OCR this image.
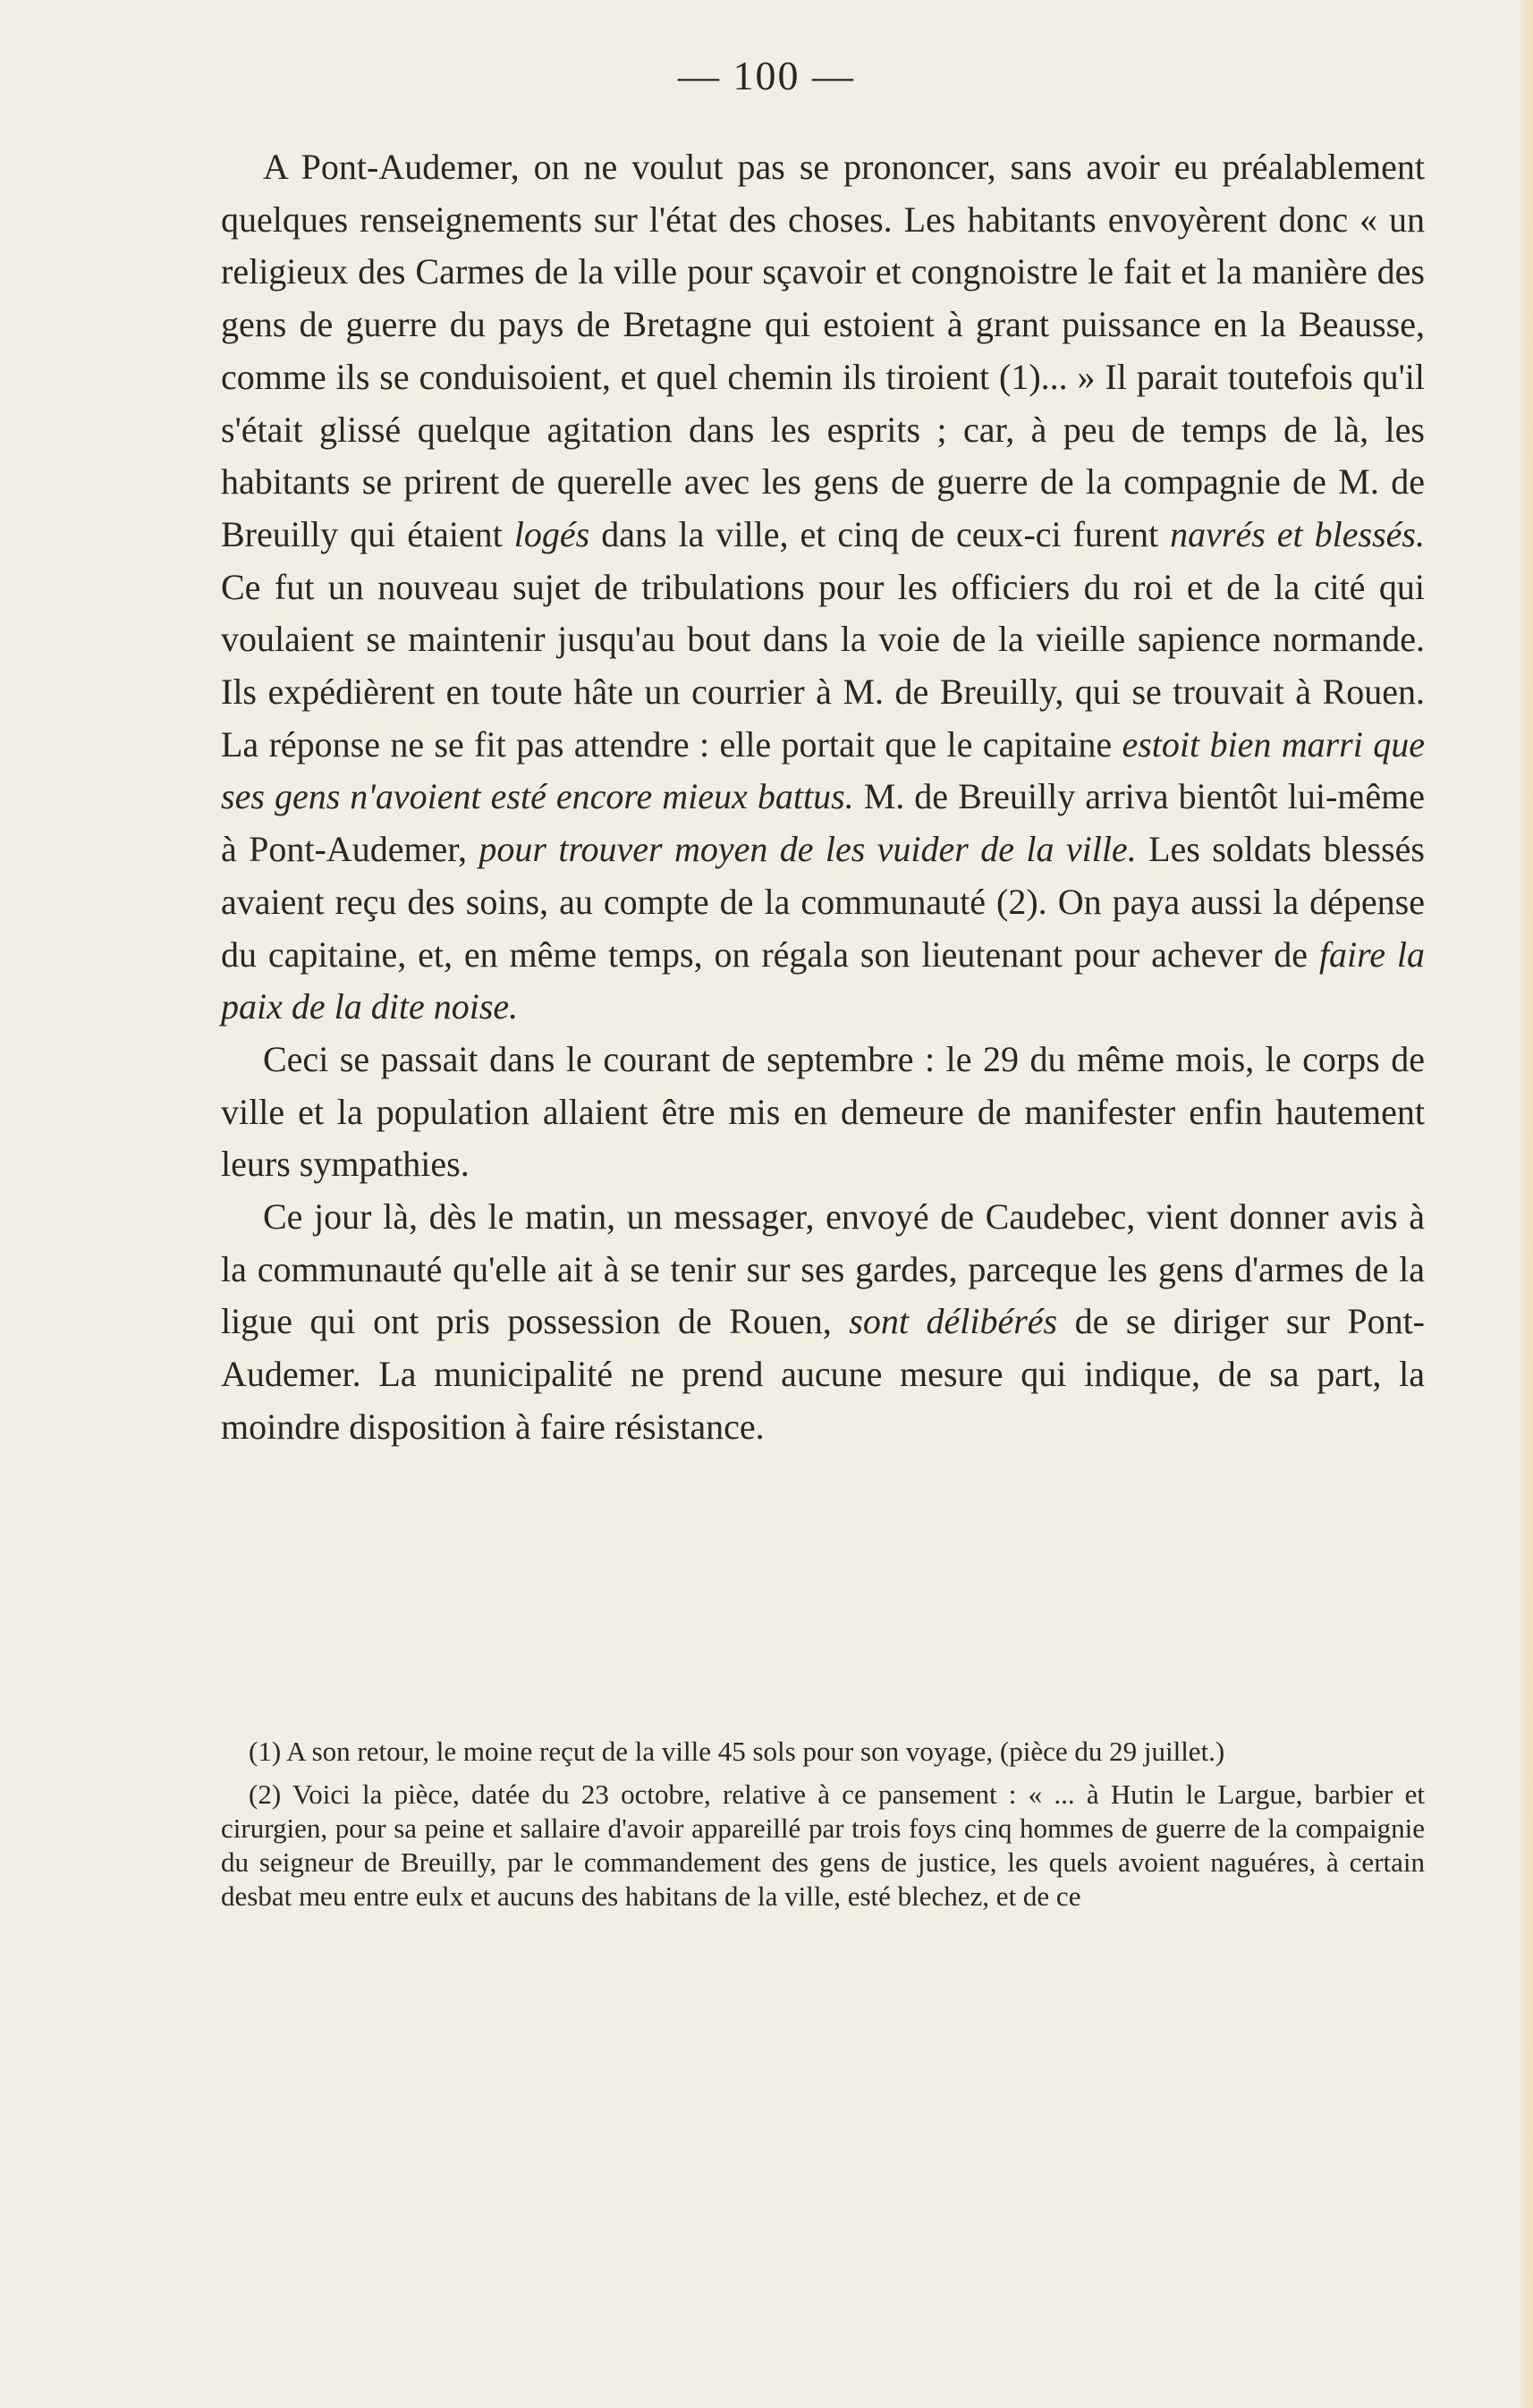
— 100 —

A Pont-Audemer, on ne voulut pas se prononcer, sans avoir eu préalablement quelques renseignements sur l'état des choses. Les habitants envoyèrent donc « un religieux des Carmes de la ville pour sçavoir et congnoistre le fait et la manière des gens de guerre du pays de Bretagne qui estoient à grant puissance en la Beausse, comme ils se conduisoient, et quel chemin ils tiroient (1)... » Il parait toutefois qu'il s'était glissé quelque agitation dans les esprits ; car, à peu de temps de là, les habitants se prirent de querelle avec les gens de guerre de la compagnie de M. de Breuilly qui étaient logés dans la ville, et cinq de ceux-ci furent navrés et blessés. Ce fut un nouveau sujet de tribulations pour les officiers du roi et de la cité qui voulaient se maintenir jusqu'au bout dans la voie de la vieille sapience normande. Ils expédièrent en toute hâte un courrier à M. de Breuilly, qui se trouvait à Rouen. La réponse ne se fit pas attendre : elle portait que le capitaine estoit bien marri que ses gens n'avoient esté encore mieux battus. M. de Breuilly arriva bientôt lui-même à Pont-Audemer, pour trouver moyen de les vuider de la ville. Les soldats blessés avaient reçu des soins, au compte de la communauté (2). On paya aussi la dépense du capitaine, et, en même temps, on régala son lieutenant pour achever de faire la paix de la dite noise.

Ceci se passait dans le courant de septembre : le 29 du même mois, le corps de ville et la population allaient être mis en demeure de manifester enfin hautement leurs sympathies.

Ce jour là, dès le matin, un messager, envoyé de Caudebec, vient donner avis à la communauté qu'elle ait à se tenir sur ses gardes, parceque les gens d'armes de la ligue qui ont pris possession de Rouen, sont délibérés de se diriger sur Pont-Audemer. La municipalité ne prend aucune mesure qui indique, de sa part, la moindre disposition à faire résistance.

(1) A son retour, le moine reçut de la ville 45 sols pour son voyage, (pièce du 29 juillet.)

(2) Voici la pièce, datée du 23 octobre, relative à ce pansement : « ... à Hutin le Largue, barbier et cirurgien, pour sa peine et sallaire d'avoir appareillé par trois foys cinq hommes de guerre de la compaignie du seigneur de Breuilly, par le commandement des gens de justice, les quels avoient naguéres, à certain desbat meu entre eulx et aucuns des habitans de la ville, esté blechez, et de ce
